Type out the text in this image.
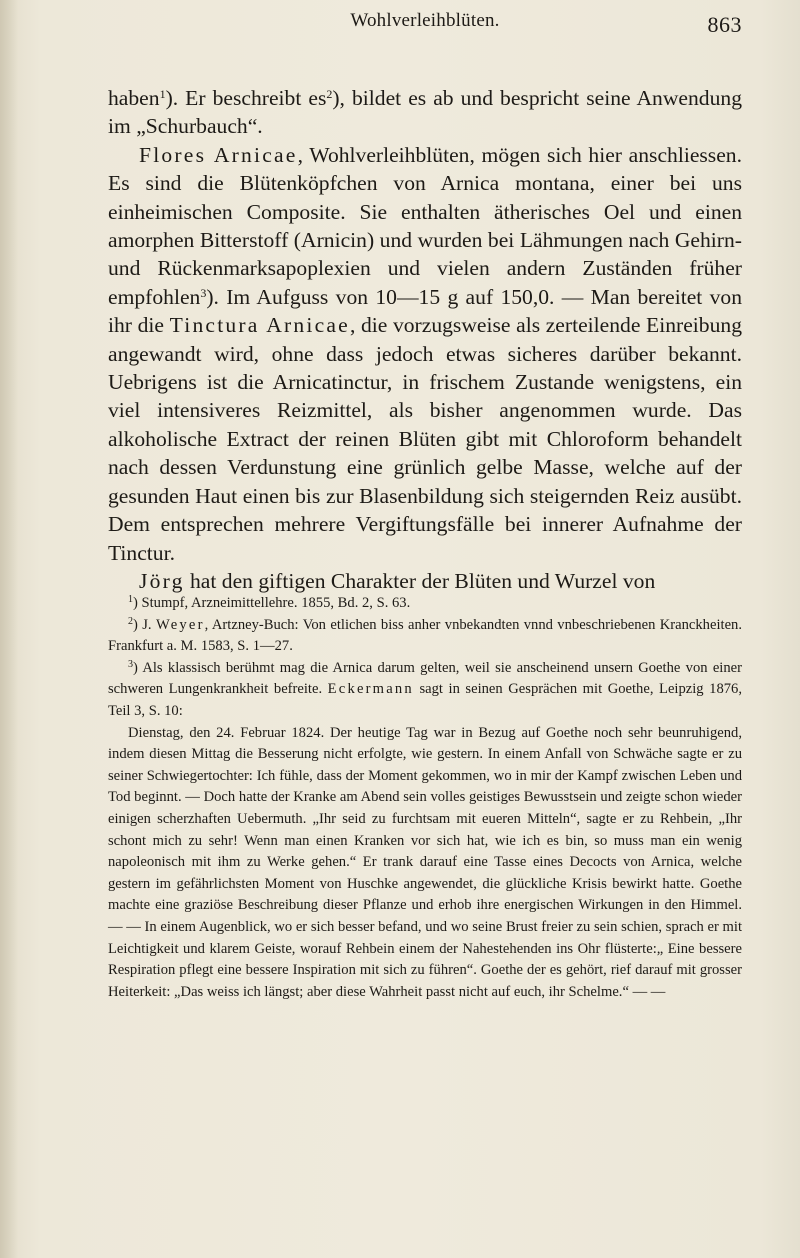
Wohlverleihblüten.	863

haben$^1$). Er beschreibt $es^2$), bildet es ab und bespricht seine Anwendung im „Schurbauch“.

Flores Arnicae, Wohlverleihblüten, mögen sich hier anschliessen. Es sind die Blütenköpfchen von Arnica montana, einer bei uns einheimischen Composite. Sie enthalten ätherisches Oel und einen amorphen Bitterstoff (Arnicin) und wurden bei Lähmungen nach Gehirn- und Rückenmarksapoplexien und vielen andern Zuständen früher empfohlen$^3$). Im Aufguss von 10—15 g auf 150,0. — Man bereitet von ihr die Tinctura Arnicae, die vorzugsweise als zerteilende Einreibung angewandt wird, ohne dass jedoch etwas sicheres darüber bekannt. Uebrigens ist die Arnicatinctur, in frischem Zustande wenigstens, ein viel intensiveres Reizmittel, als bisher angenommen wurde. Das alkoholische Extract der reinen Blüten gibt mit Chloroform behandelt nach dessen Verdunstung eine grünlich gelbe Masse, welche auf der gesunden Haut einen bis zur Blasenbildung sich steigernden Reiz ausübt. Dem entsprechen mehrere Vergiftungsfälle bei innerer Aufnahme der Tinctur.

Jörg hat den giftigen Charakter der Blüten und Wurzel von

$^1$) Stumpf, Arzneimittellehre. 1855, Bd. 2, S. 63.

$^2$) J. Weyer, Artzney-Buch: Von etlichen biss anher vnbekandten vnnd vnbeschriebenen Kranckheiten. Frankfurt a. M. 1583, S. 1—27.

$^3$) Als klassisch berühmt mag die Arnica darum gelten, weil sie anscheinend unsern Goethe von einer schweren Lungenkrankheit befreite. Eckermann sagt in seinen Gesprächen mit Goethe, Leipzig 1876, Teil 3, S. 10:

Dienstag, den 24. Februar 1824. Der heutige Tag war in Bezug auf Goethe noch sehr beunruhigend, indem diesen Mittag die Besserung nicht erfolgte, wie gestern. In einem Anfall von Schwäche sagte er zu seiner Schwiegertochter: Ich fühle, dass der Moment gekommen, wo in mir der Kampf zwischen Leben und Tod beginnt. — Doch hatte der Kranke am Abend sein volles geistiges Bewusstsein und zeigte schon wieder einigen scherzhaften Uebermuth. „Ihr seid zu furchtsam mit eueren Mitteln“, sagte er zu Rehbein, „Ihr schont mich zu sehr! Wenn man einen Kranken vor sich hat, wie ich es bin, so muss man ein wenig napoleonisch mit ihm zu Werke gehen.“ Er trank darauf eine Tasse eines Decocts von Arnica, welche gestern im gefährlichsten Moment von Huschke angewendet, die glückliche Krisis bewirkt hatte. Goethe machte eine graziöse Beschreibung dieser Pflanze und erhob ihre energischen Wirkungen in den Himmel. — — In einem Augenblick, wo er sich besser befand, und wo seine Brust freier zu sein schien, sprach er mit Leichtigkeit und klarem Geiste, worauf Rehbein einem der Nahestehenden ins Ohr flüsterte:„ Eine bessere Respiration pflegt eine bessere Inspiration mit sich zu führen“. Goethe der es gehört, rief darauf mit grosser Heiterkeit: „Das weiss ich längst; aber diese Wahrheit passt nicht auf euch, ihr Schelme.“ — —
